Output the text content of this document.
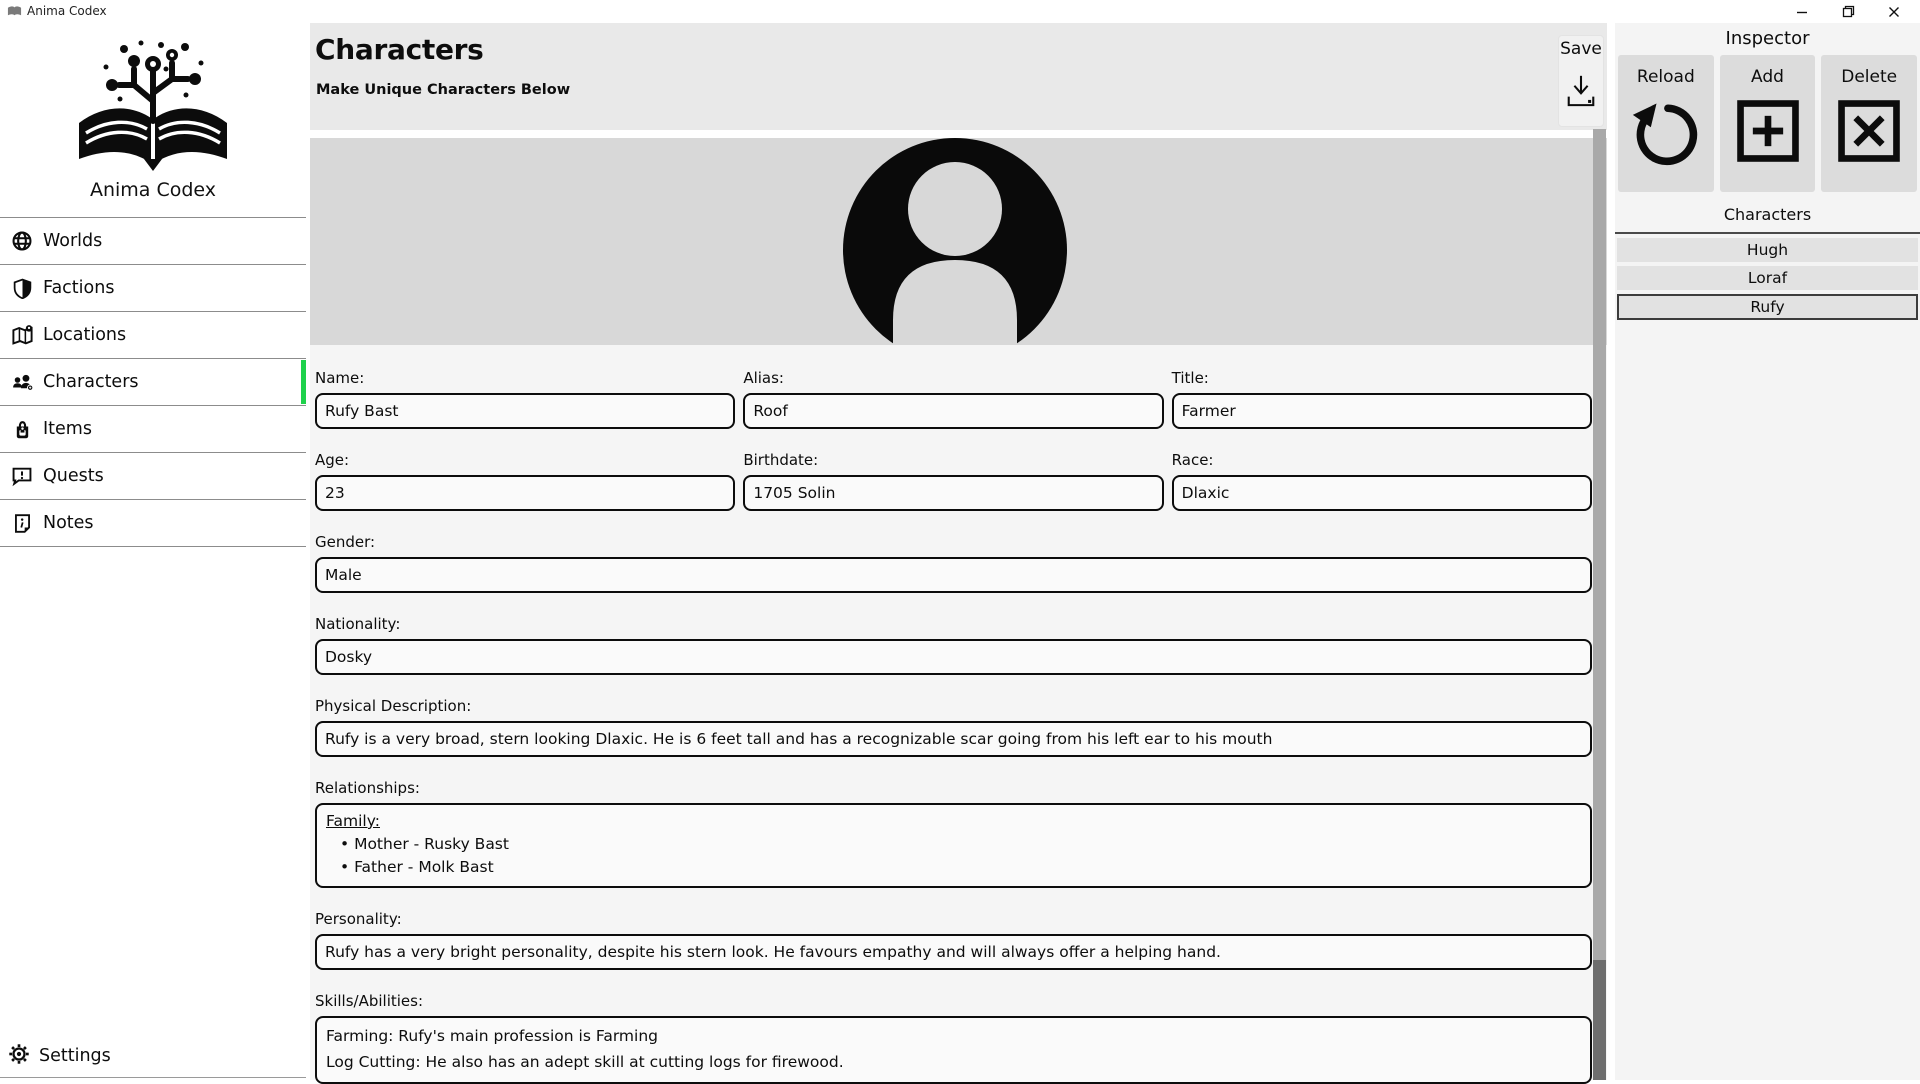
Anima Codex
Anima Codex
Worlds
Factions
Locations
Characters
Items
Quests
Notes
Settings
Characters
Make Unique Characters Below
Save
Name:
Rufy Bast	Alias:
Roof	Title:
Farmer
Age:
23	Birthdate:
1705 Solin	Race:
Dlaxic
Gender:
Male
Nationality:
Dosky
Physical Description:
Rufy is a very broad, stern looking Dlaxic. He is 6 feet tall and has a recognizable scar going from his left ear to his mouth
Relationships:
Family:
• Mother - Rusky Bast
• Father - Molk Bast
Personality:
Rufy has a very bright personality, despite his stern look. He favours empathy and will always offer a helping hand.
Skills/Abilities:
Farming: Rufy's main profession is Farming
Log Cutting: He also has an adept skill at cutting logs for firewood.
Inspector
Reload	Add	Delete
Characters
Hugh
Loraf
Rufy
